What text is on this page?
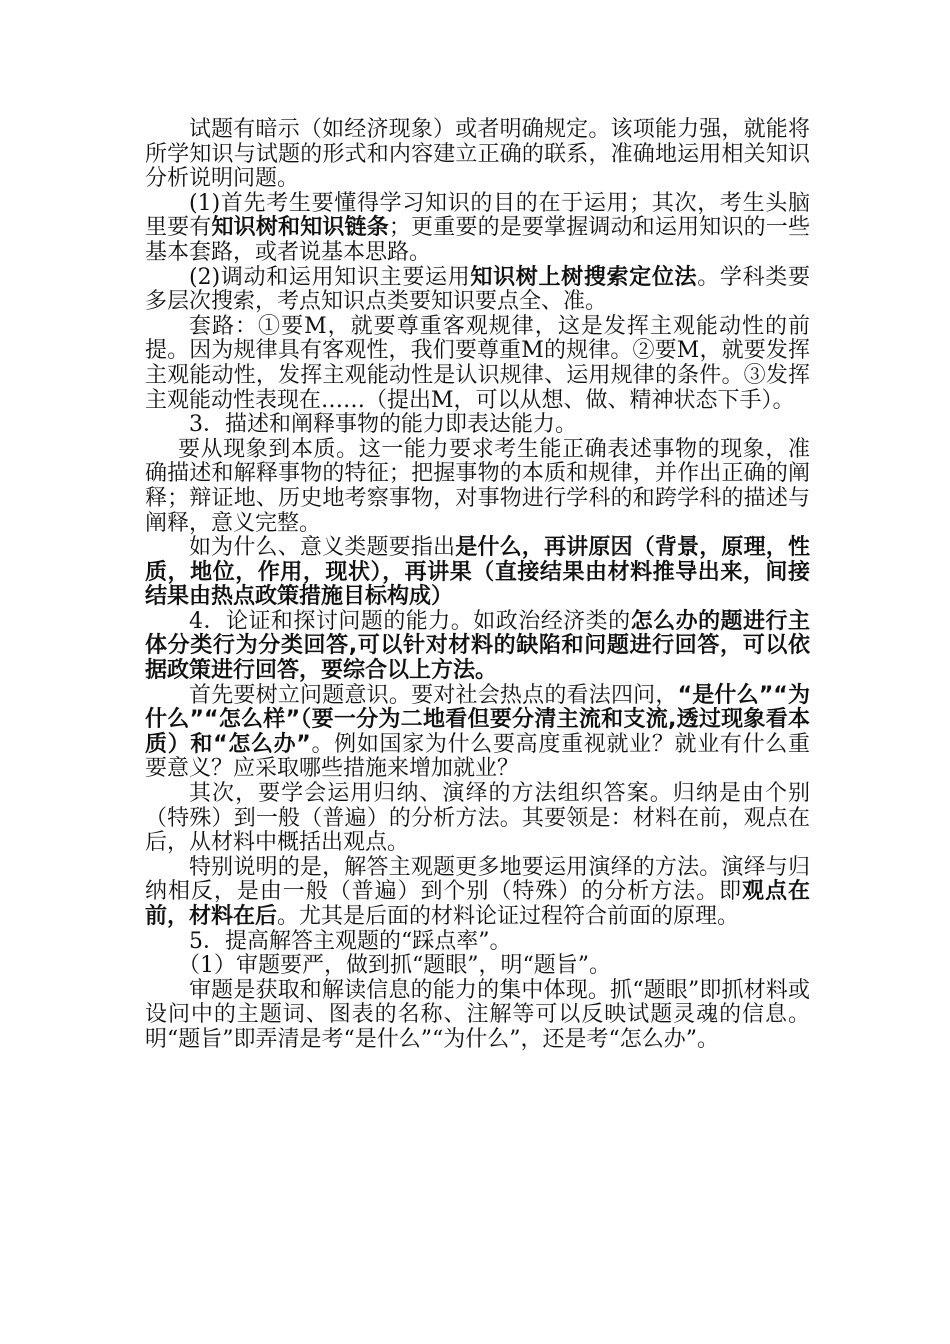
试题有暗示（如经济现象）或者明确规定。该项能力强，就能将所学知识与试题的形式和内容建立正确的联系，准确地运用相关知识分析说明问题。

(1)首先考生要懂得学习知识的目的在于运用；其次，考生头脑里要有知识树和知识链条；更重要的是要掌握调动和运用知识的一些基本套路，或者说基本思路。

(2)调动和运用知识主要运用知识树上树搜索定位法。学科类要多层次搜索，考点知识点类要知识要点全、准。

套路：①要M，就要尊重客观规律，这是发挥主观能动性的前提。因为规律具有客观性，我们要尊重M的规律。②要M，就要发挥主观能动性，发挥主观能动性是认识规律、运用规律的条件。③发挥主观能动性表现在……（提出M，可以从想、做、精神状态下手）。

3．描述和阐释事物的能力即表达能力。

要从现象到本质。这一能力要求考生能正确表述事物的现象，准确描述和解释事物的特征；把握事物的本质和规律，并作出正确的阐释；辩证地、历史地考察事物，对事物进行学科的和跨学科的描述与阐释，意义完整。

如为什么、意义类题要指出是什么，再讲原因（背景，原理，性质，地位，作用，现状），再讲果（直接结果由材料推导出来，间接结果由热点政策措施目标构成）

4．论证和探讨问题的能力。如政治经济类的怎么办的题进行主体分类行为分类回答,可以针对材料的缺陷和问题进行回答，可以依据政策进行回答，要综合以上方法。

首先要树立问题意识。要对社会热点的看法四问，“是什么”“为什么”“怎么样”（要一分为二地看但要分清主流和支流,透过现象看本质）和“怎么办”。例如国家为什么要高度重视就业？就业有什么重要意义？应采取哪些措施来增加就业？

其次，要学会运用归纳、演绎的方法组织答案。归纳是由个别（特殊）到一般（普遍）的分析方法。其要领是：材料在前，观点在后，从材料中概括出观点。

特别说明的是，解答主观题更多地要运用演绎的方法。演绎与归纳相反，是由一般（普遍）到个别（特殊）的分析方法。即观点在前，材料在后。尤其是后面的材料论证过程符合前面的原理。

5．提高解答主观题的“踩点率”。

（1）审题要严，做到抓“题眼”，明“题旨”。

审题是获取和解读信息的能力的集中体现。抓“题眼”即抓材料或设问中的主题词、图表的名称、注解等可以反映试题灵魂的信息。明“题旨”即弄清是考“是什么”“为什么”，还是考“怎么办”。
